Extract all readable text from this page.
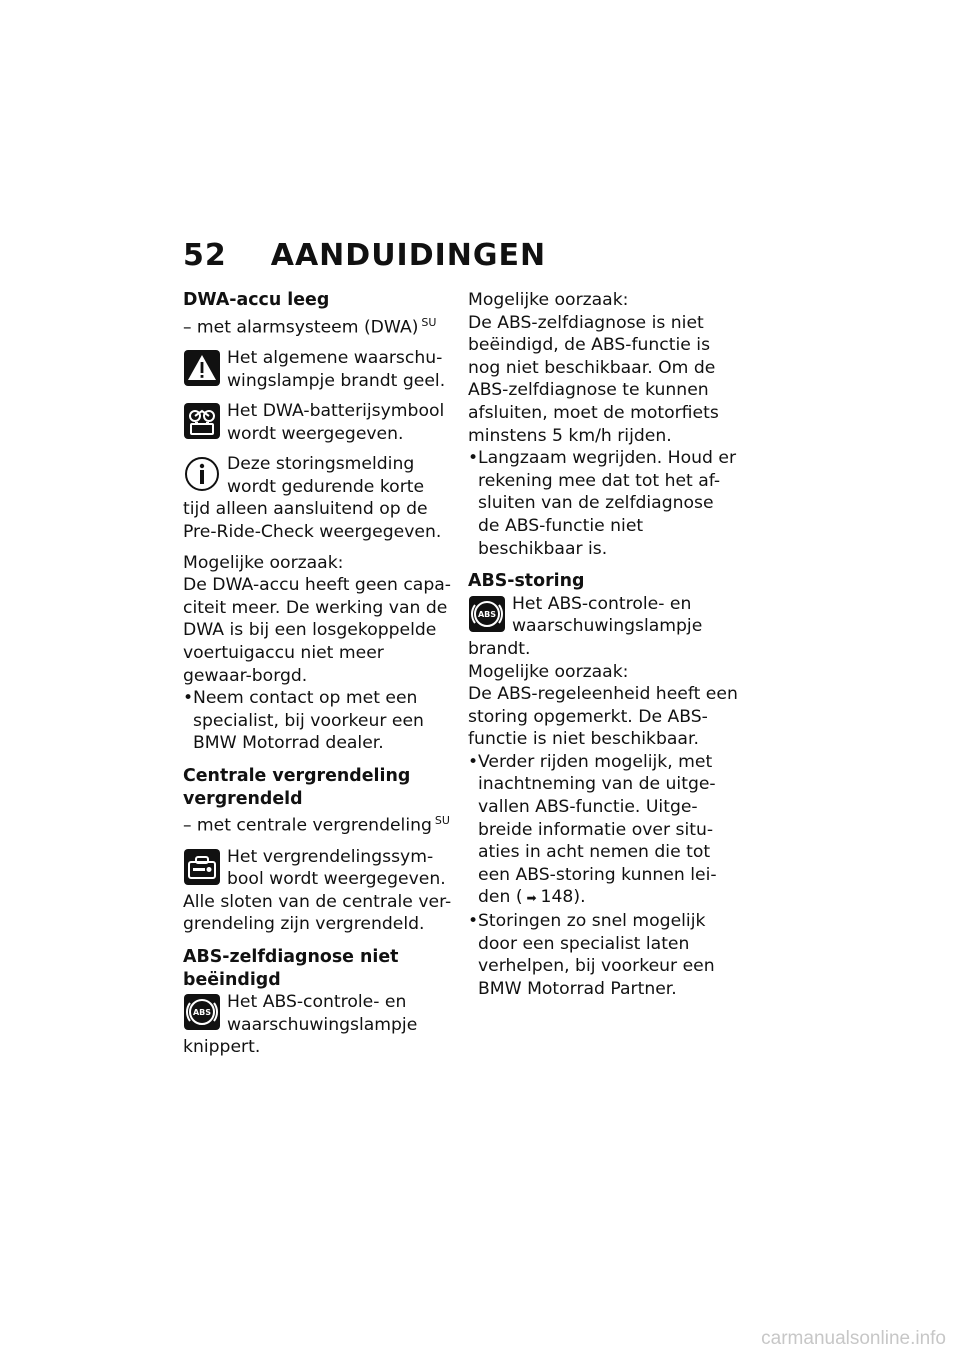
52 AANDUIDINGEN
DWA-accu leeg
– met alarmsysteem (DWA) $^{SU}$
Het algemene waarschu-wingslampje brandt geel.
Het DWA-batterijsymbool wordt weergegeven.
Deze storingsmelding wordt gedurende korte tijd alleen aansluitend op de Pre-Ride-Check weergegeven.

Mogelijke oorzaak:

De DWA-accu heeft geen capa-citeit meer. De werking van de DWA is bij een losgekoppelde voertuigaccu niet meer gewaar-borgd.

• Neem contact op met een specialist, bij voorkeur een BMW Motorrad dealer.
Centrale vergrendeling vergrendeld
– met centrale vergrendeling $^{SU}$
Het vergrendelingssym-bool wordt weergegeven.

Alle sloten van de centrale ver-grendeling zijn vergrendeld.

ABS-zelfdiagnose niet beëindigd
ABS
Het ABS-controle- en waarschuwingslampje knippert.

Mogelijke oorzaak:

De ABS-zelfdiagnose is niet beëindigd, de ABS-functie is nog niet beschikbaar. Om de ABS-zelfdiagnose te kunnen afsluiten, moet de motorfiets minstens 5 km/h rijden.

• Langzaam wegrijden. Houd er rekening mee dat tot het af-sluiten van de zelfdiagnose de ABS-functie niet beschikbaar is.
ABS-storing
ABS
Het ABS-controle- en waarschuwingslampje brandt.

Mogelijke oorzaak:

De ABS-regeleenheid heeft een storing opgemerkt. De ABS-functie is niet beschikbaar.

• Verder rijden mogelijk, met inachtneming van de uitge-vallen ABS-functie. Uitge-breide informatie over situ-aties in acht nemen die tot een ABS-storing kunnen lei-den ( ➡ 148).
• Storingen zo snel mogelijk door een specialist laten verhelpen, bij voorkeur een BMW Motorrad Partner.
carmanualsonline.info
